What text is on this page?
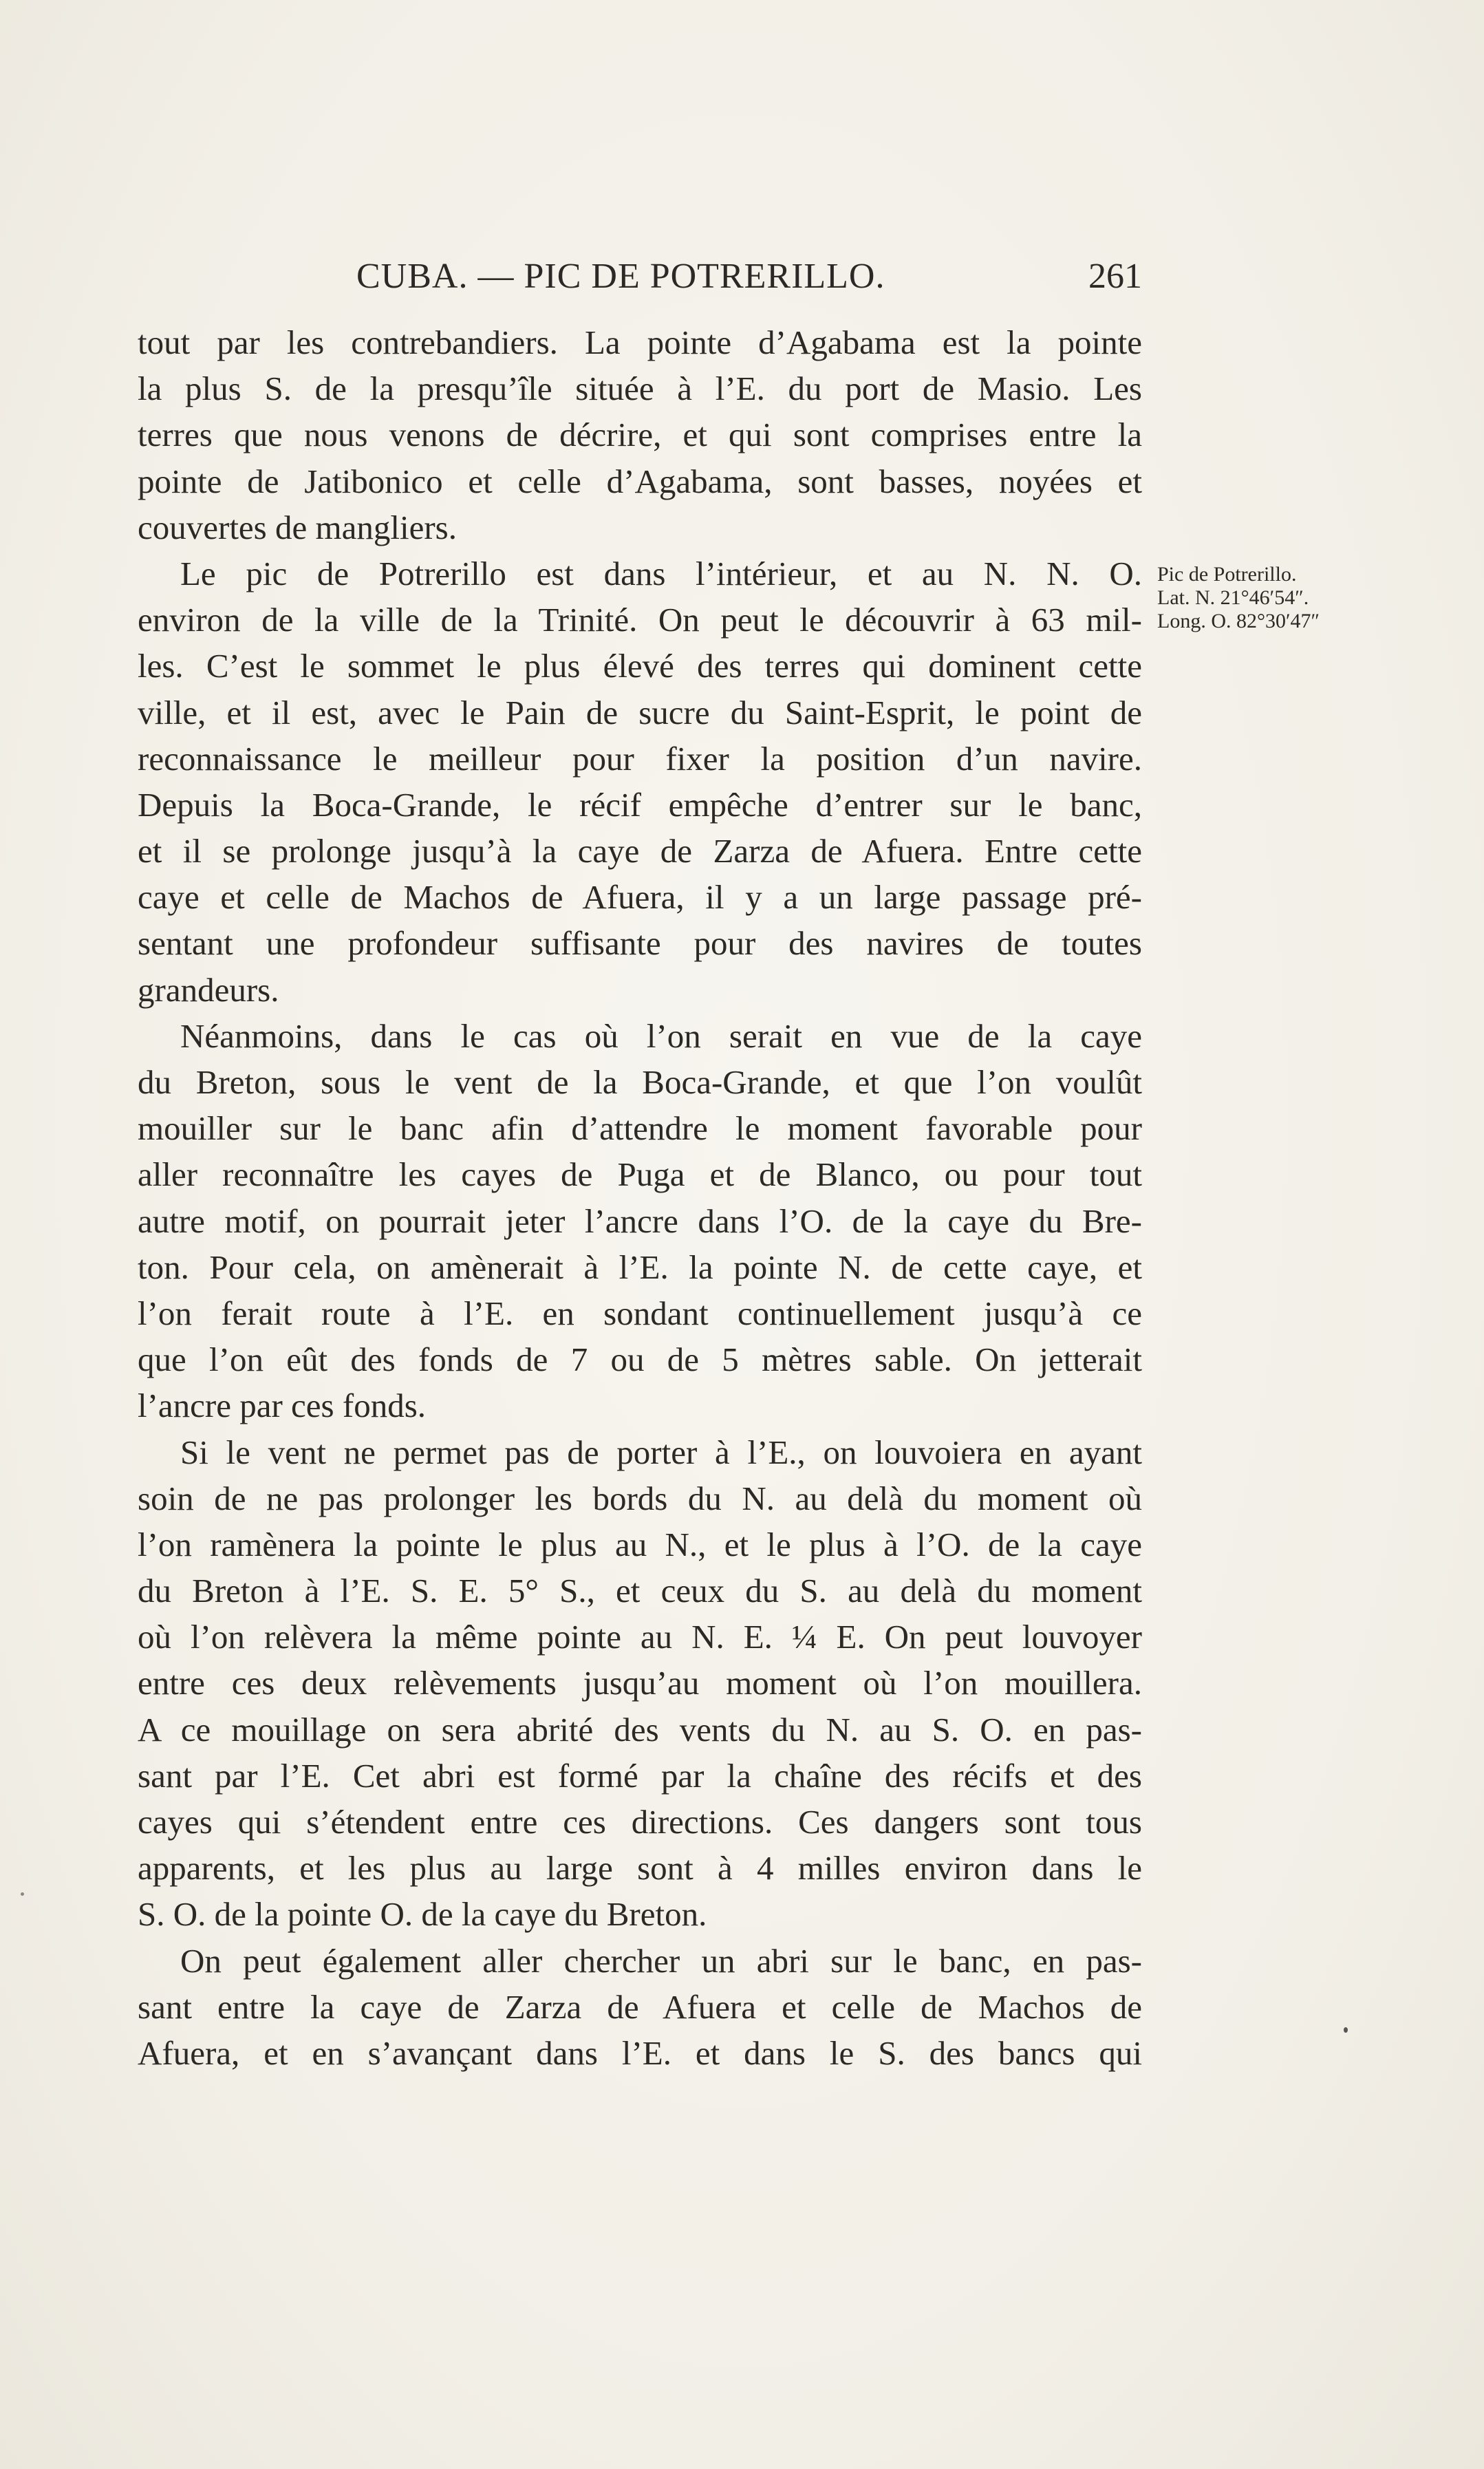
CUBA. — PIC DE POTRERILLO.	261
Pic de Potrerillo.
Lat. N. 21°46′54″.
Long. O. 82°30′47″
tout par les contrebandiers. La pointe d’Agabama est la pointe
la plus S. de la presqu’île située à l’E. du port de Masio. Les
terres que nous venons de décrire, et qui sont comprises entre la
pointe de Jatibonico et celle d’Agabama, sont basses, noyées et
couvertes de mangliers.
Le pic de Potrerillo est dans l’intérieur, et au N. N. O.
environ de la ville de la Trinité. On peut le découvrir à 63 mil-
les. C’est le sommet le plus élevé des terres qui dominent cette
ville, et il est, avec le Pain de sucre du Saint-Esprit, le point de
reconnaissance le meilleur pour fixer la position d’un navire.
Depuis la Boca-Grande, le récif empêche d’entrer sur le banc,
et il se prolonge jusqu’à la caye de Zarza de Afuera. Entre cette
caye et celle de Machos de Afuera, il y a un large passage pré-
sentant une profondeur suffisante pour des navires de toutes
grandeurs.
Néanmoins, dans le cas où l’on serait en vue de la caye
du Breton, sous le vent de la Boca-Grande, et que l’on voulût
mouiller sur le banc afin d’attendre le moment favorable pour
aller reconnaître les cayes de Puga et de Blanco, ou pour tout
autre motif, on pourrait jeter l’ancre dans l’O. de la caye du Bre-
ton. Pour cela, on amènerait à l’E. la pointe N. de cette caye, et
l’on ferait route à l’E. en sondant continuellement jusqu’à ce
que l’on eût des fonds de 7 ou de 5 mètres sable. On jetterait
l’ancre par ces fonds.
Si le vent ne permet pas de porter à l’E., on louvoiera en ayant
soin de ne pas prolonger les bords du N. au delà du moment où
l’on ramènera la pointe le plus au N., et le plus à l’O. de la caye
du Breton à l’E. S. E. 5° S., et ceux du S. au delà du moment
où l’on relèvera la même pointe au N. E. ¼ E. On peut louvoyer
entre ces deux relèvements jusqu’au moment où l’on mouillera.
A ce mouillage on sera abrité des vents du N. au S. O. en pas-
sant par l’E. Cet abri est formé par la chaîne des récifs et des
cayes qui s’étendent entre ces directions. Ces dangers sont tous
apparents, et les plus au large sont à 4 milles environ dans le
S. O. de la pointe O. de la caye du Breton.
On peut également aller chercher un abri sur le banc, en pas-
sant entre la caye de Zarza de Afuera et celle de Machos de
Afuera, et en s’avançant dans l’E. et dans le S. des bancs qui
